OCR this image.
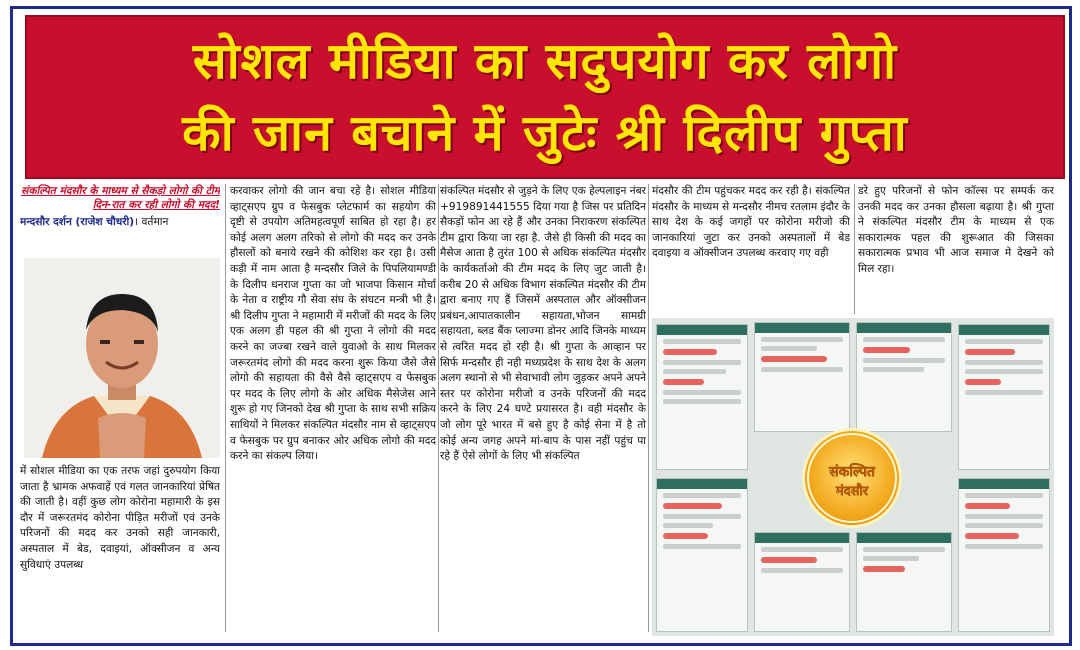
सोशल मीडिया का सदुपयोग कर लोगो
की जान बचाने में जुटेः श्री दिलीप गुप्ता
संकल्पित मंदसौर के माध्यम से सैकड़ो लोगो की टीम दिन-रात कर रही लोगो की मदद!
मन्दसौर दर्शन (राजेश चौधरी)। वर्तमान

में सोशल मीडिया का एक तरफ जहां दुरुपयोग किया जाता है भ्रामक अफवाहें एवं गलत जानकारियां प्रेषित की जाती है। वहीं कुछ लोग कोरोना महामारी के इस दौर में जरूरतमंद कोरोना पीड़ित मरीजों एवं उनके परिजनों की मदद कर उनको सही जानकारी, अस्पताल में बेड, दवाइयां, ऑक्सीजन व अन्य सुविधाएं उपलब्ध

करवाकर लोगो की जान बचा रहे है। सोशल मीडिया व्हाट्सएप ग्रुप व फेसबुक प्लेटफार्म का सहयोग की दृष्टी से उपयोग अतिमहत्वपूर्ण साबित हो रहा है। हर कोई अलग अलग तरिको से लोगो की मदद कर उनके हौसलों को बनाये रखने की कोशिश कर रहा है। उसी कड़ी में नाम आता है मन्दसौर जिले के पिपलियामण्डी के दिलीप धनराज गुप्ता का जो भाजपा किसान मोर्चा के नेता व राष्ट्रीय गौ सेवा संघ के संघटन मन्त्री भी है। श्री दिलीप गुप्ता ने महामारी में मरीजों की मदद के लिए एक अलग ही पहल की श्री गुप्ता ने लोगो की मदद करने का जज्बा रखने वाले युवाओ के साथ मिलकर जरूरतमंद लोगो की मदद करना शुरू किया जैसे जैसे लोगो की सहायता की वैसे वैसे व्हाट्सएप व फेसबुक पर मदद के लिए लोगो के ओर अधिक मैसेजेस आने शुरू हो गए जिनको देख श्री गुप्ता के साथ सभी सक्रिय साथियों ने मिलकर संकल्पित मंदसौर नाम से व्हाट्सएप व फेसबुक पर ग्रुप बनाकर ओर अधिक लोगो की मदद करने का संकल्प लिया।

संकल्पित मंदसौर से जुड़ने के लिए एक हेल्पलाइन नंबर +919891441555 दिया गया है जिस पर प्रतिदिन सैकड़ों फोन आ रहे हैं और उनका निराकरण संकल्पित टीम द्वारा किया जा रहा है. जैसे ही किसी की मदद का मैसेज आता है तुरंत 100 से अधिक संकल्पित मंदसौर के कार्यकर्ताओ की टीम मदद के लिए जुट जाती है। करीब 20 से अधिक विभाग संकल्पित मंदसौर की टीम द्वारा बनाए गए हैं जिसमें अस्पताल और ऑक्सीजन प्रबंधन,आपातकालीन सहायता,भोजन सामग्री सहायता, ब्लड बैंक प्लाज्मा डोनर आदि जिनके माध्यम से त्वरित मदद हो रही है। श्री गुप्ता के आव्हान पर सिर्फ मन्दसौर ही नही मध्यप्रदेश के साथ देश के अलग अलग स्थानो से भी सेवाभावी लोग जुड़कर अपने अपने स्तर पर कोरोना मरीजो व उनके परिजनों की मदद करने के लिए 24 घण्टे प्रयासरत है। वही मंदसौर के जो लोग पूरे भारत में बसे हुए है कोई सेना में है तो कोई अन्य जगह अपने मां-बाप के पास नहीं पहुंच पा रहे हैं ऐसे लोगों के लिए भी संकल्पित

मंदसौर की टीम पहुंचकर मदद कर रही है। संकल्पित मंदसौर के माध्यम से मन्दसौर नीमच रतलाम इंदौर के साथ देश के कई जगहों पर कोरोना मरीजो की जानकारियां जुटा कर उनको अस्पतालों में बेड दवाइया व ऑक्सीजन उपलब्ध करवाए गए वही

डरे हुए परिजनों से फोन कॉल्स पर सम्पर्क कर उनकी मदद कर उनका हौसला बढ़ाया है। श्री गुप्ता ने संकल्पित मंदसौर टीम के माध्यम से एक सकारात्मक पहल की शुरूआत की जिसका सकारात्मक प्रभाव भी आज समाज मे देखने को मिल रहा।

संकल्पित
मंदसौर
